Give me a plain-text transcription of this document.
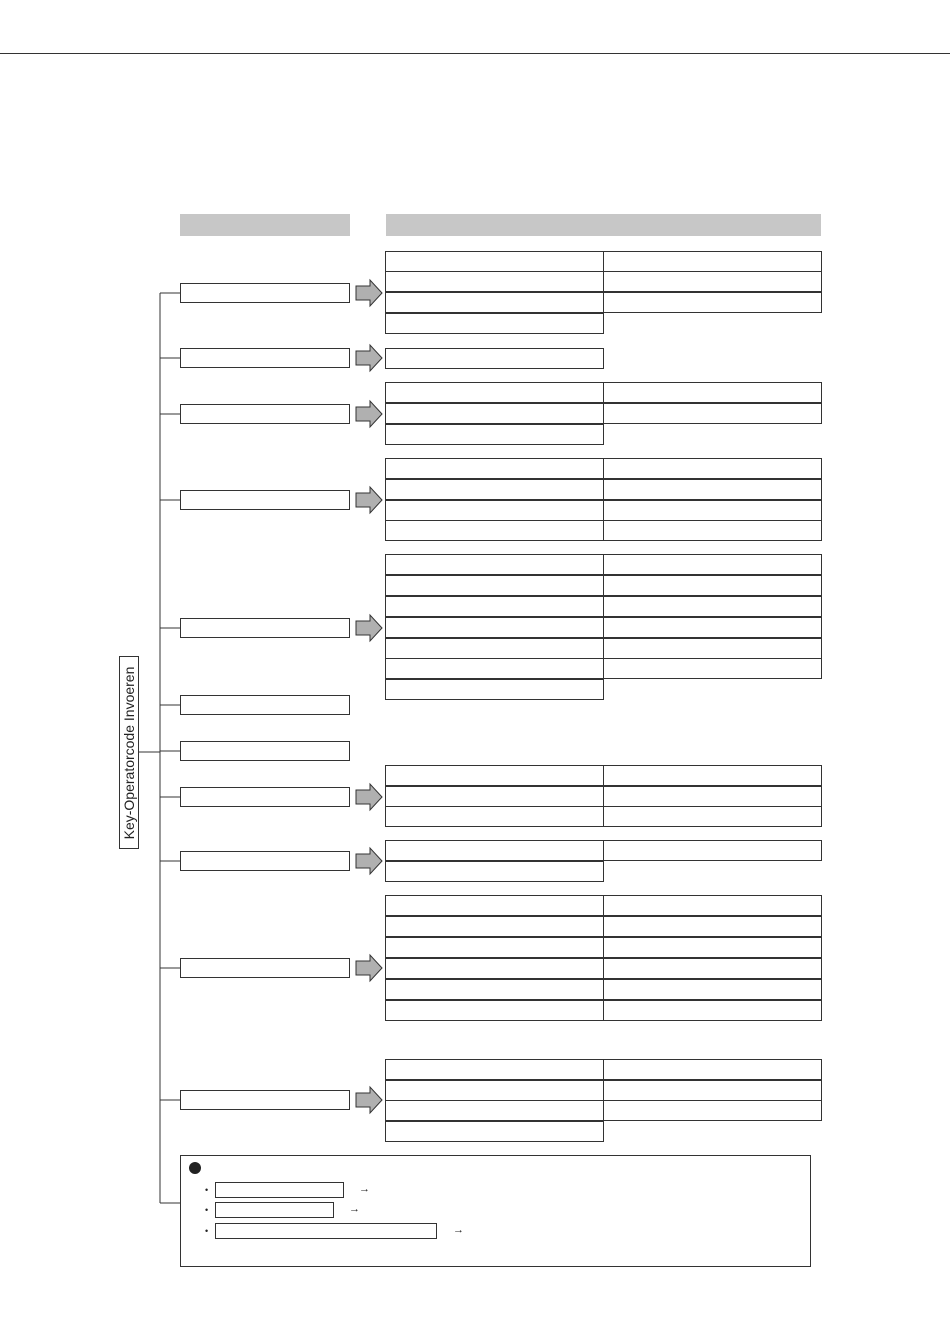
Key-Operatorcode Invoeren
•	→
•	→
•	→
